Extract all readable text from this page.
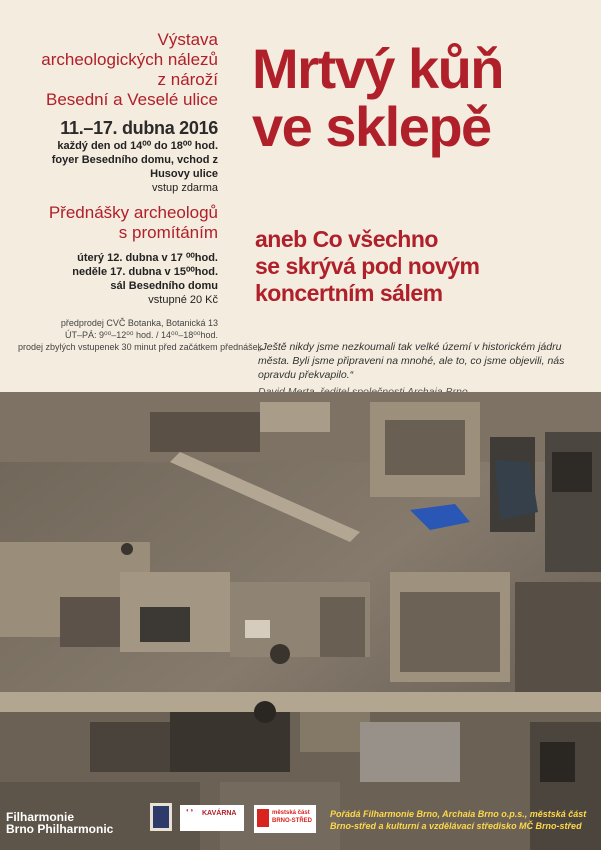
Výstava
archeologických nálezů
z nároží
Besední a Veselé ulice
11.–17. dubna 2016
každý den od 14⁰⁰ do 18⁰⁰ hod.
foyer Besedního domu, vchod z Husovy ulice
vstup zdarma
Přednášky archeologů
s promítáním
úterý 12. dubna v 17 ⁰⁰hod.
neděle 17. dubna v 15⁰⁰hod.
sál Besedního domu
vstupné 20 Kč
předprodej CVČ Botanka, Botanická 13
ÚT–PÁ: 9⁰⁰–12⁰⁰ hod. / 14⁰⁰–18⁰⁰hod.
prodej zbylých vstupenek 30 minut před začátkem přednášek
Mrtvý kůň
ve sklepě
aneb Co všechno
se skrývá pod novým
koncertním sálem
„Ještě nikdy jsme nezkoumali tak velké území v historickém jádru města. Byli jsme připraveni na mnohé, ale to, co jsme objevili, nás opravdu překvapilo.“
Filharmonie
Brno Philharmonic
◐◑ KAVÁRNA	městská část BRNO-STŘED
Pořádá Filharmonie Brno, Archaia Brno o.p.s., městská část Brno-střed a kulturní a vzdělávací středisko MČ Brno-střed
